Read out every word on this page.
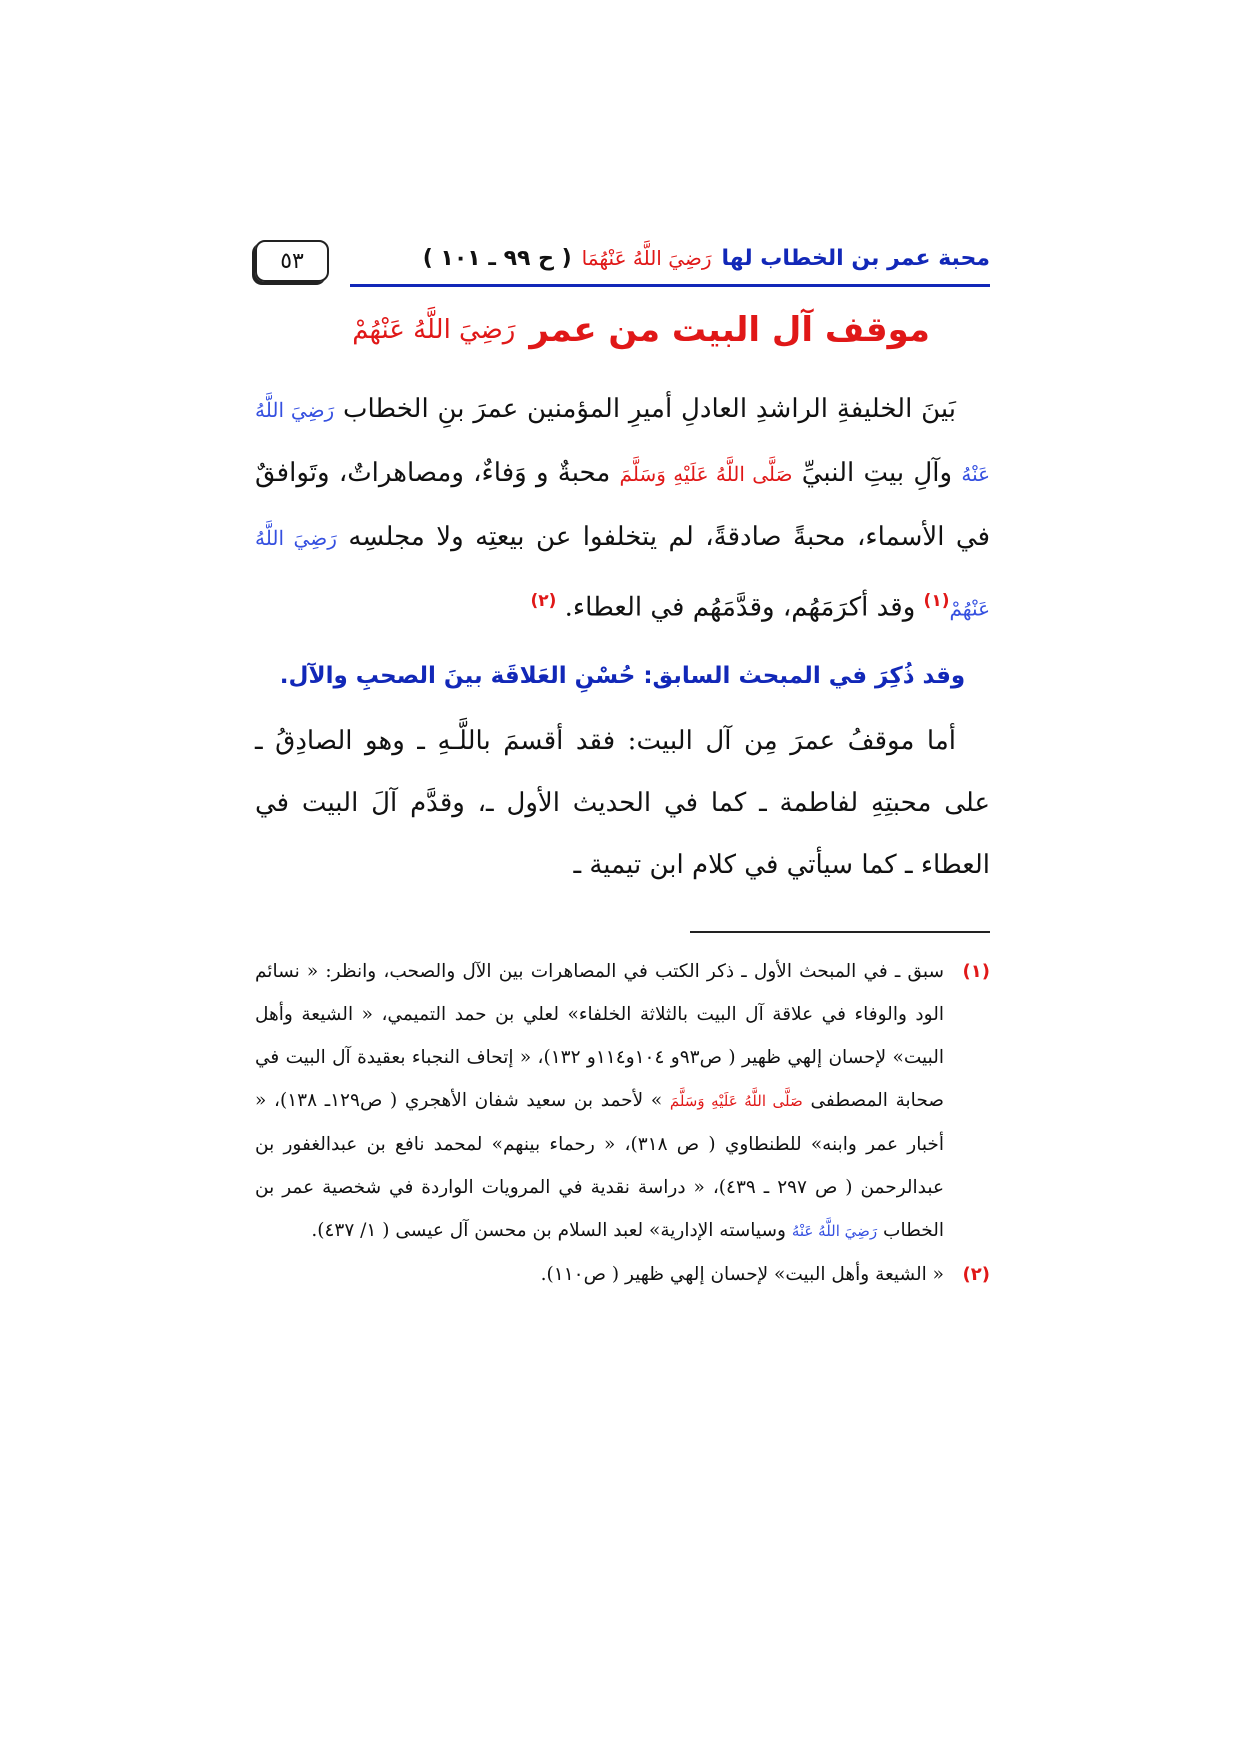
٥٣	محبة عمر بن الخطاب لها
رَضِيَ اللَّهُ عَنْهُمَا
( ح ٩٩ ـ ١٠١ )
موقف آل البيت من عمر
رَضِيَ اللَّهُ عَنْهُمْ

بَينَ الخليفةِ الراشدِ العادلِ أميرِ المؤمنين عمرَ بنِ الخطاب رَضِيَ اللَّهُ عَنْهُ وآلِ بيتِ النبيِّ صَلَّى اللَّهُ عَلَيْهِ وَسَلَّمَ محبةٌ و وَفاءٌ، ومصاهراتٌ، وتَوافقٌ في الأسماء، محبةً صادقةً، لم يتخلفوا عن بيعتِه ولا مجلسِه رَضِيَ اللَّهُ عَنْهُمْ$^{(١)}$ وقد أكرَمَهُم، وقدَّمَهُم في العطاء. $^{(٢)}$

وقد ذُكِرَ في المبحث السابق: حُسْنِ العَلاقَة بينَ الصحبِ والآل.

أما موقفُ عمرَ مِن آل البيت: فقد أقسمَ باللَّـهِ ـ وهو الصادِقُ ـ على محبتِهِ لفاطمة ـ كما في الحديث الأول ـ، وقدَّم آلَ البيت في العطاء ـ كما سيأتي في كلام ابن تيمية ـ

(١)
سبق ـ في المبحث الأول ـ ذكر الكتب في المصاهرات بين الآل والصحب، وانظر: « نسائم الود والوفاء في علاقة آل البيت بالثلاثة الخلفاء» لعلي بن حمد التميمي، « الشيعة وأهل البيت» لإحسان إلهي ظهير ( ص٩٣و ١٠٤و١١٤و ١٣٢)، « إتحاف النجباء بعقيدة آل البيت في صحابة المصطفى صَلَّى اللَّهُ عَلَيْهِ وَسَلَّمَ » لأحمد بن سعيد شفان الأهجري ( ص١٢٩ـ ١٣٨)، « أخبار عمر وابنه» للطنطاوي ( ص ٣١٨)، « رحماء بينهم» لمحمد نافع بن عبدالغفور بن عبدالرحمن ( ص ٢٩٧ ـ ٤٣٩)، « دراسة نقدية في المرويات الواردة في شخصية عمر بن الخطاب رَضِيَ اللَّهُ عَنْهُ وسياسته الإدارية» لعبد السلام بن محسن آل عيسى ( ١/ ٤٣٧).
(٢)
« الشيعة وأهل البيت» لإحسان إلهي ظهير ( ص١١٠).
